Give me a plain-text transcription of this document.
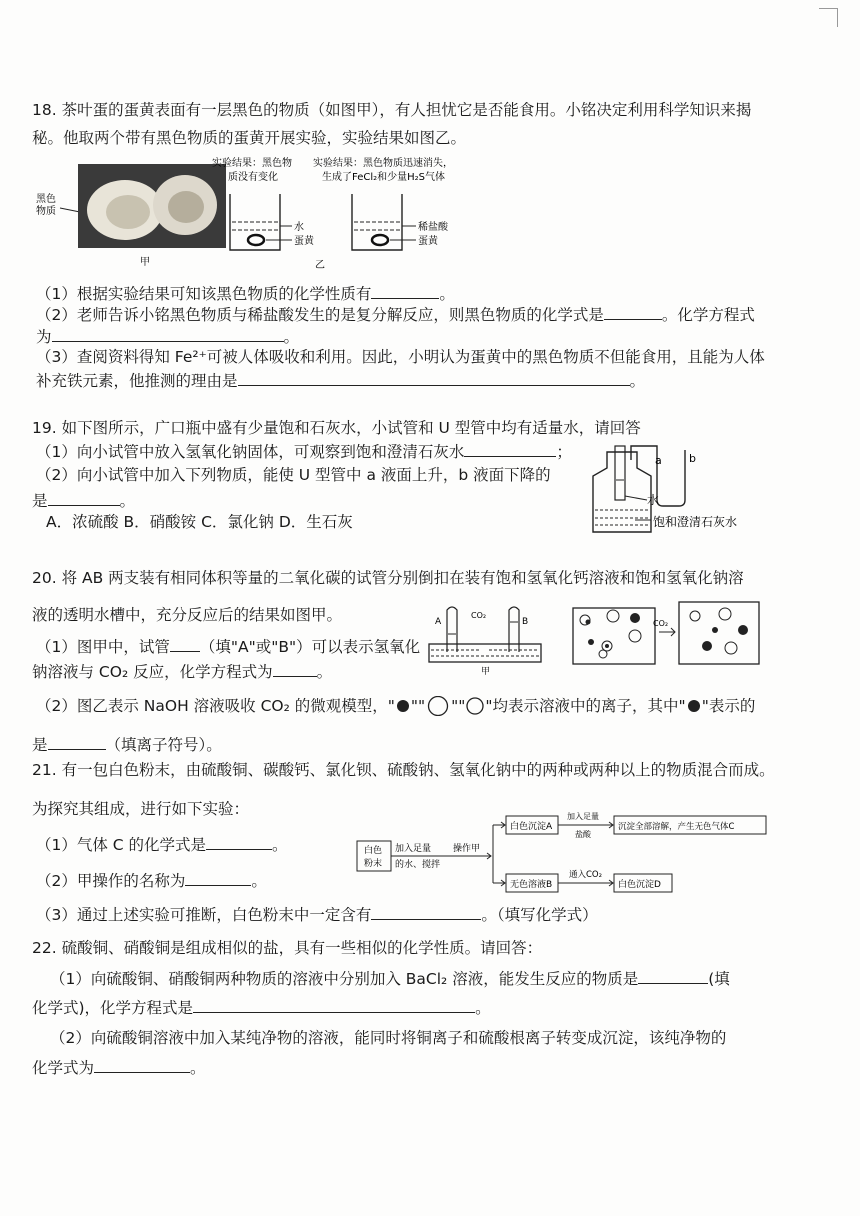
18. 茶叶蛋的蛋黄表面有一层黑色的物质（如图甲），有人担忧它是否能食用。小铭决定利用科学知识来揭
秘。他取两个带有黑色物质的蛋黄开展实验，实验结果如图乙。
黑色
物质
甲
实验结果：黑色物
质没有变化
水
蛋黄
实验结果：黑色物质迅速消失，
生成了FeCl₂和少量H₂S气体
稀盐酸
蛋黄
乙
（1）根据实验结果可知该黑色物质的化学性质有	。
（2）老师告诉小铭黑色物质与稀盐酸发生的是复分解反应，则黑色物质的化学式是	。化学方程式
为	。
（3）查阅资料得知 Fe²⁺可被人体吸收和利用。因此，小明认为蛋黄中的黑色物质不但能食用，且能为人体
补充铁元素，他推测的理由是	。
19. 如下图所示，广口瓶中盛有少量饱和石灰水，小试管和 U 型管中均有适量水，请回答
（1）向小试管中放入氢氧化钠固体，可观察到饱和澄清石灰水	；
（2）向小试管中加入下列物质，能使 U 型管中 a 液面上升，b 液面下降的
是	。
A．浓硫酸 B．硝酸铵 C．氯化钠 D．生石灰
a b
水
饱和澄清石灰水
20. 将 AB 两支装有相同体积等量的二氧化碳的试管分别倒扣在装有饱和氢氧化钙溶液和饱和氢氧化钠溶
液的透明水槽中，充分反应后的结果如图甲。
（1）图甲中，试管 （填"A"或"B"）可以表示氢氧化
钠溶液与 CO₂ 反应，化学方程式为	。
A	B
CO₂
甲
CO₂
（2）图乙表示 NaOH 溶液吸收 CO₂ 的微观模型，" "" "" "均表示溶液中的离子，其中" "表示的
是	（填离子符号）。
21. 有一包白色粉末，由硫酸铜、碳酸钙、氯化钡、硫酸钠、氢氧化钠中的两种或两种以上的物质混合而成。
为探究其组成，进行如下实验：
（1）气体 C 的化学式是	。
（2）甲操作的名称为	。
（3）通过上述实验可推断，白色粉末中一定含有	。（填写化学式）
白色
粉末
加入足量
的水、搅拌
操作甲
白色沉淀A
加入足量
盐酸
沉淀全部溶解，产生无色气体C
无色溶液B
通入CO₂
白色沉淀D
22. 硫酸铜、硝酸铜是组成相似的盐，具有一些相似的化学性质。请回答：
（1）向硫酸铜、硝酸铜两种物质的溶液中分别加入 BaCl₂ 溶液，能发生反应的物质是	(填
化学式)，化学方程式是	。
（2）向硫酸铜溶液中加入某纯净物的溶液，能同时将铜离子和硫酸根离子转变成沉淀，该纯净物的
化学式为	。
